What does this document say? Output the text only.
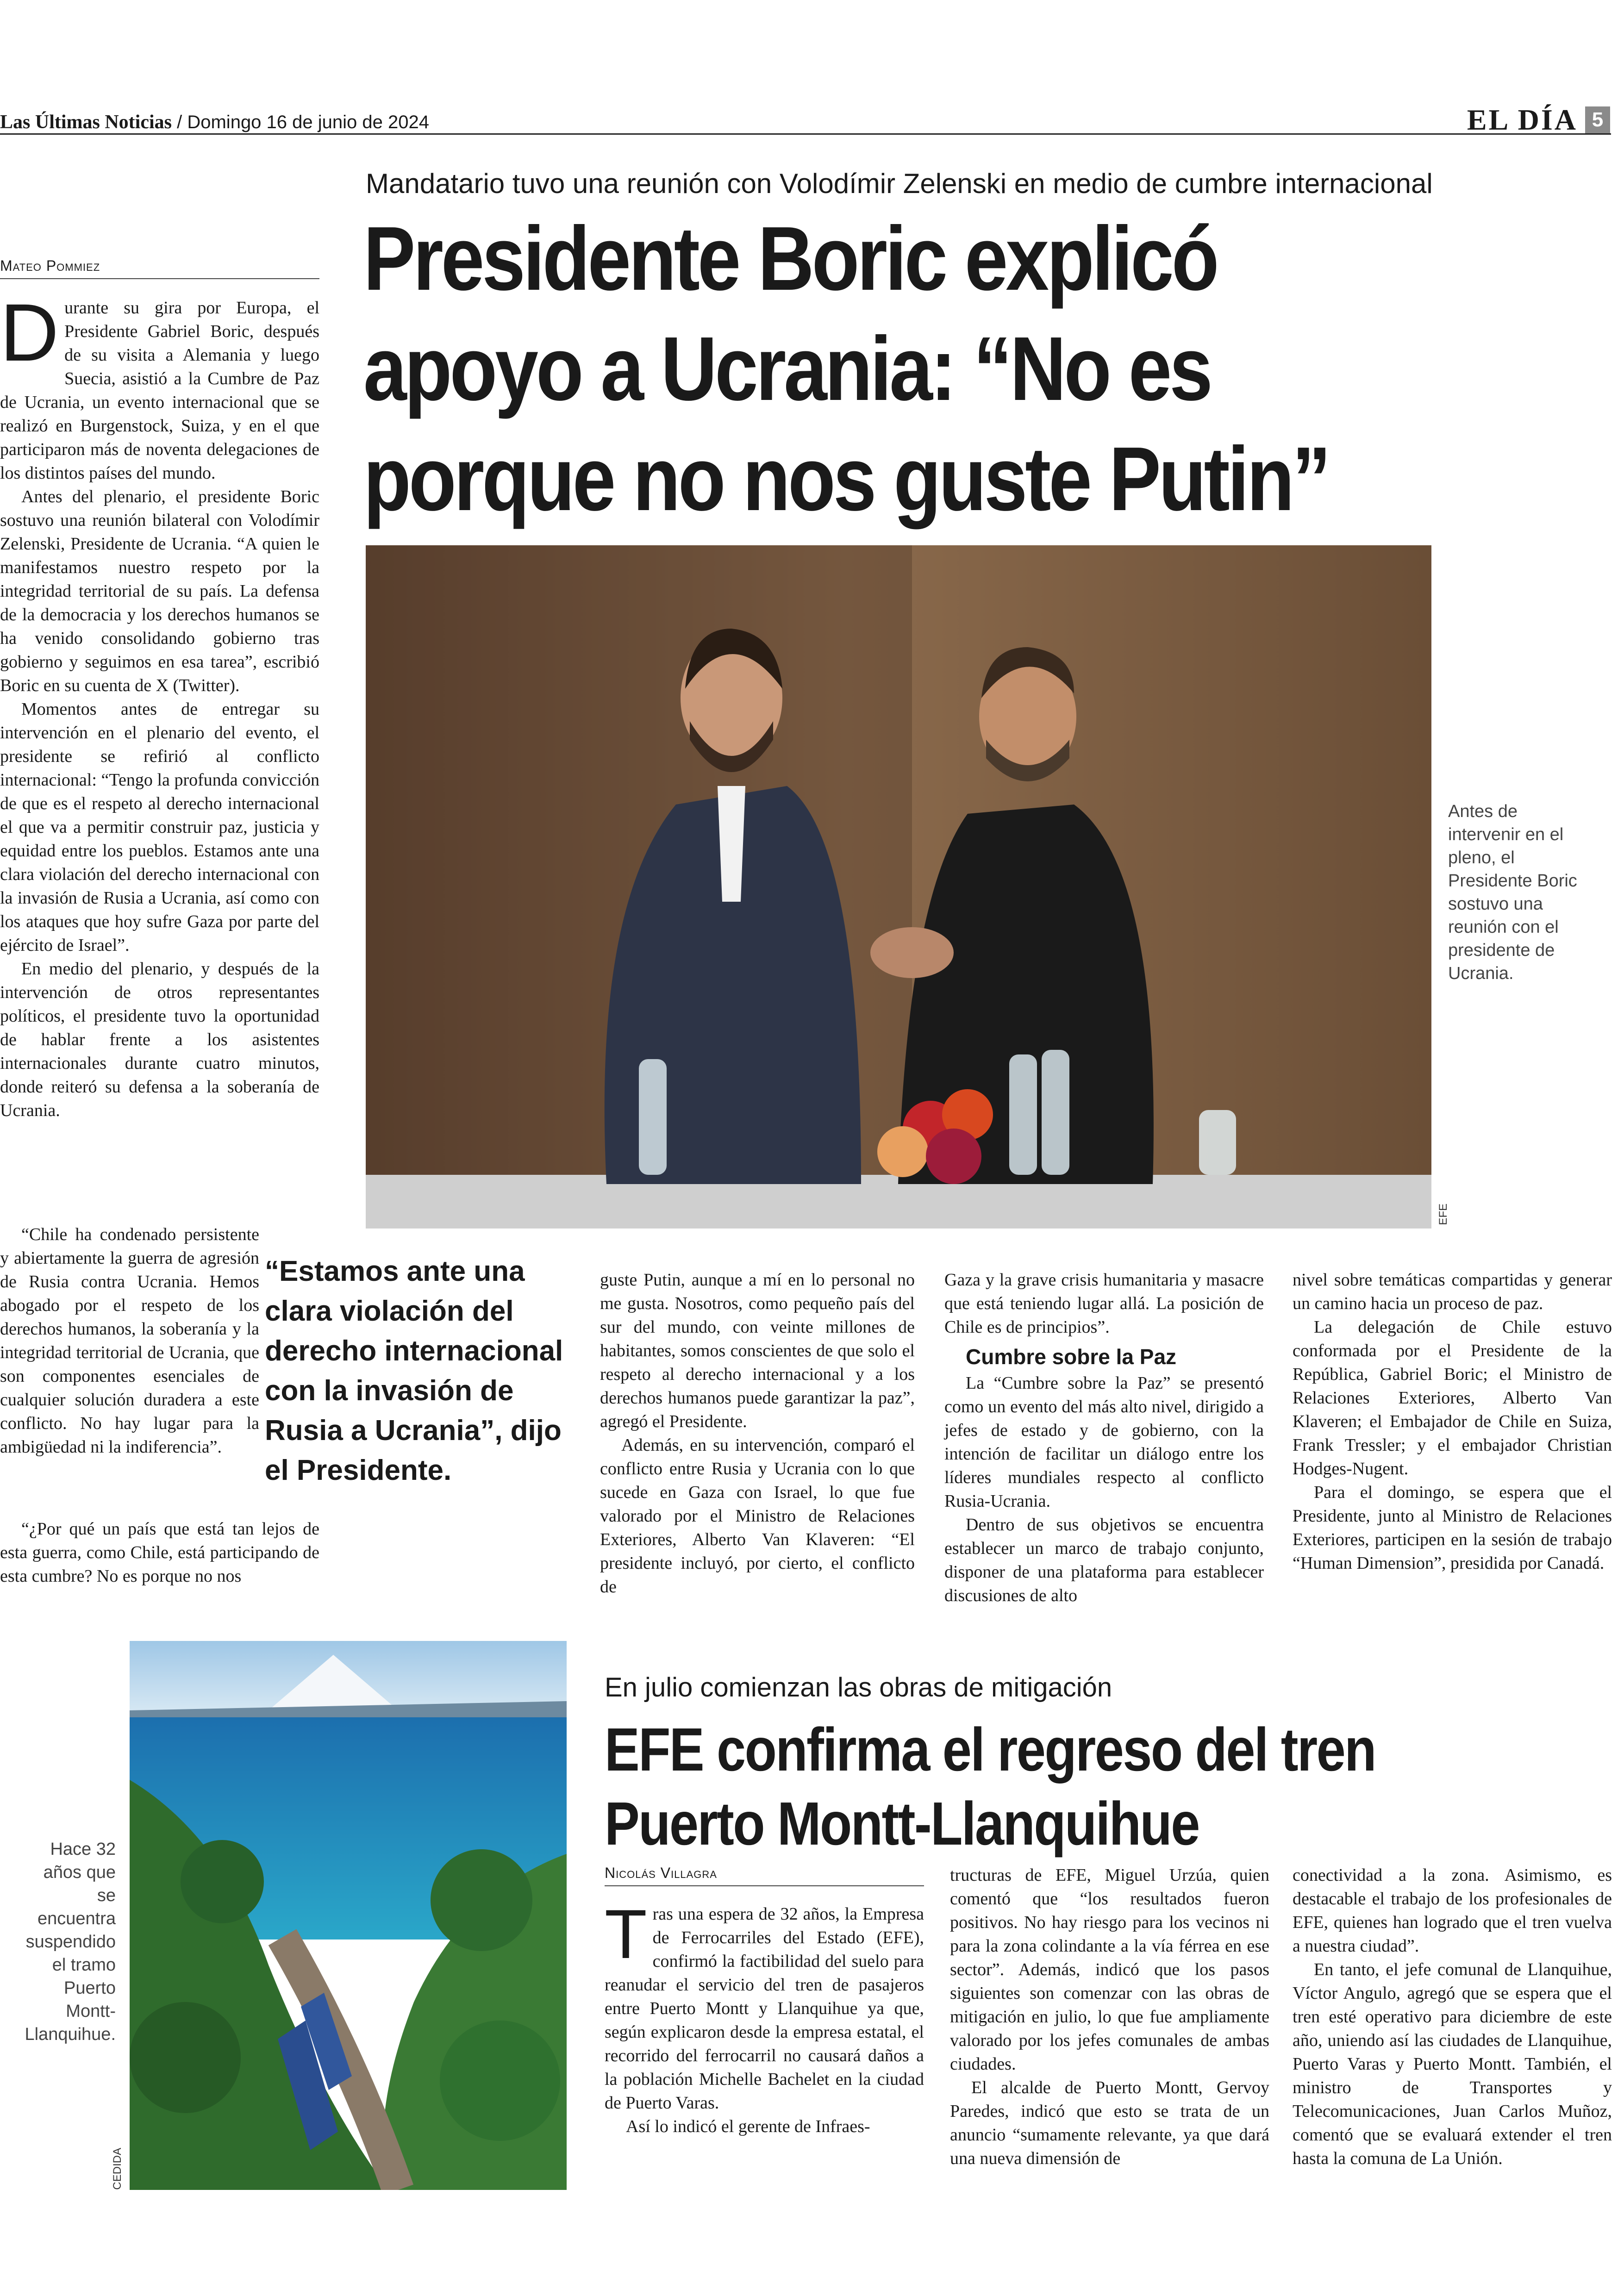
Las Últimas Noticias / Domingo 16 de junio de 2024	EL DÍA 5
Mandatario tuvo una reunión con Volodímir Zelenski en medio de cumbre internacional
Presidente Boric explicó apoyo a Ucrania: “No es porque no nos guste Putin”
Mateo Pommiez

Durante su gira por Europa, el Presidente Gabriel Boric, después de su visita a Alemania y luego Suecia, asistió a la Cumbre de Paz de Ucrania, un evento internacional que se realizó en Burgenstock, Suiza, y en el que participaron más de noventa delegaciones de los distintos países del mundo.

Antes del plenario, el presidente Boric sostuvo una reunión bilateral con Volodímir Zelenski, Presidente de Ucrania. “A quien le manifestamos nuestro respeto por la integridad territorial de su país. La defensa de la democracia y los derechos humanos se ha venido consolidando gobierno tras gobierno y seguimos en esa tarea”, escribió Boric en su cuenta de X (Twitter).

Momentos antes de entregar su intervención en el plenario del evento, el presidente se refirió al conflicto internacional: “Tengo la profunda convicción de que es el respeto al derecho internacional el que va a permitir construir paz, justicia y equidad entre los pueblos. Estamos ante una clara violación del derecho internacional con la invasión de Rusia a Ucrania, así como con los ataques que hoy sufre Gaza por parte del ejército de Israel”.

En medio del plenario, y después de la intervención de otros representantes políticos, el presidente tuvo la oportunidad de hablar frente a los asistentes internacionales durante cuatro minutos, donde reiteró su defensa a la soberanía de Ucrania.

“Chile ha condenado persistente y abiertamente la guerra de agresión de Rusia contra Ucrania. Hemos abogado por el respeto de los derechos humanos, la soberanía y la integridad territorial de Ucrania, que son componentes esenciales de cualquier solución duradera a este conflicto. No hay lugar para la ambigüedad ni la indiferencia”.

“¿Por qué un país que está tan lejos de esta guerra, como Chile, está participando de esta cumbre? No es porque no nos

EFE
Antes de intervenir en el pleno, el Presidente Boric sostuvo una reunión con el presidente de Ucrania.
“Estamos ante una clara violación del derecho internacional con la invasión de Rusia a Ucrania”, dijo el Presidente.

guste Putin, aunque a mí en lo personal no me gusta. Nosotros, como pequeño país del sur del mundo, con veinte millones de habitantes, somos conscientes de que solo el respeto al derecho internacional y a los derechos humanos puede garantizar la paz”, agregó el Presidente.

Además, en su intervención, comparó el conflicto entre Rusia y Ucrania con lo que sucede en Gaza con Israel, lo que fue valorado por el Ministro de Relaciones Exteriores, Alberto Van Klaveren: “El presidente incluyó, por cierto, el conflicto de

Gaza y la grave crisis humanitaria y masacre que está teniendo lugar allá. La posición de Chile es de principios”.

Cumbre sobre la Paz

La “Cumbre sobre la Paz” se presentó como un evento del más alto nivel, dirigido a jefes de estado y de gobierno, con la intención de facilitar un diálogo entre los líderes mundiales respecto al conflicto Rusia-Ucrania.

Dentro de sus objetivos se encuentra establecer un marco de trabajo conjunto, disponer de una plataforma para establecer discusiones de alto

nivel sobre temáticas compartidas y generar un camino hacia un proceso de paz.

La delegación de Chile estuvo conformada por el Presidente de la República, Gabriel Boric; el Ministro de Relaciones Exteriores, Alberto Van Klaveren; el Embajador de Chile en Suiza, Frank Tressler; y el embajador Christian Hodges-Nugent.

Para el domingo, se espera que el Presidente, junto al Ministro de Relaciones Exteriores, participen en la sesión de trabajo “Human Dimension”, presidida por Canadá.

CEDIDA
Hace 32 años que se encuentra suspendido el tramo Puerto Montt-Llanquihue.
En julio comienzan las obras de mitigación
EFE confirma el regreso del tren Puerto Montt-Llanquihue
Nicolás Villagra

Tras una espera de 32 años, la Empresa de Ferrocarriles del Estado (EFE), confirmó la factibilidad del suelo para reanudar el servicio del tren de pasajeros entre Puerto Montt y Llanquihue ya que, según explicaron desde la empresa estatal, el recorrido del ferrocarril no causará daños a la población Michelle Bachelet en la ciudad de Puerto Varas.

Así lo indicó el gerente de Infraes-

tructuras de EFE, Miguel Urzúa, quien comentó que “los resultados fueron positivos. No hay riesgo para los vecinos ni para la zona colindante a la vía férrea en ese sector”. Además, indicó que los pasos siguientes son comenzar con las obras de mitigación en julio, lo que fue ampliamente valorado por los jefes comunales de ambas ciudades.

El alcalde de Puerto Montt, Gervoy Paredes, indicó que esto se trata de un anuncio “sumamente relevante, ya que dará una nueva dimensión de

conectividad a la zona. Asimismo, es destacable el trabajo de los profesionales de EFE, quienes han logrado que el tren vuelva a nuestra ciudad”.

En tanto, el jefe comunal de Llanquihue, Víctor Angulo, agregó que se espera que el tren esté operativo para diciembre de este año, uniendo así las ciudades de Llanquihue, Puerto Varas y Puerto Montt. También, el ministro de Transportes y Telecomunicaciones, Juan Carlos Muñoz, comentó que se evaluará extender el tren hasta la comuna de La Unión.
